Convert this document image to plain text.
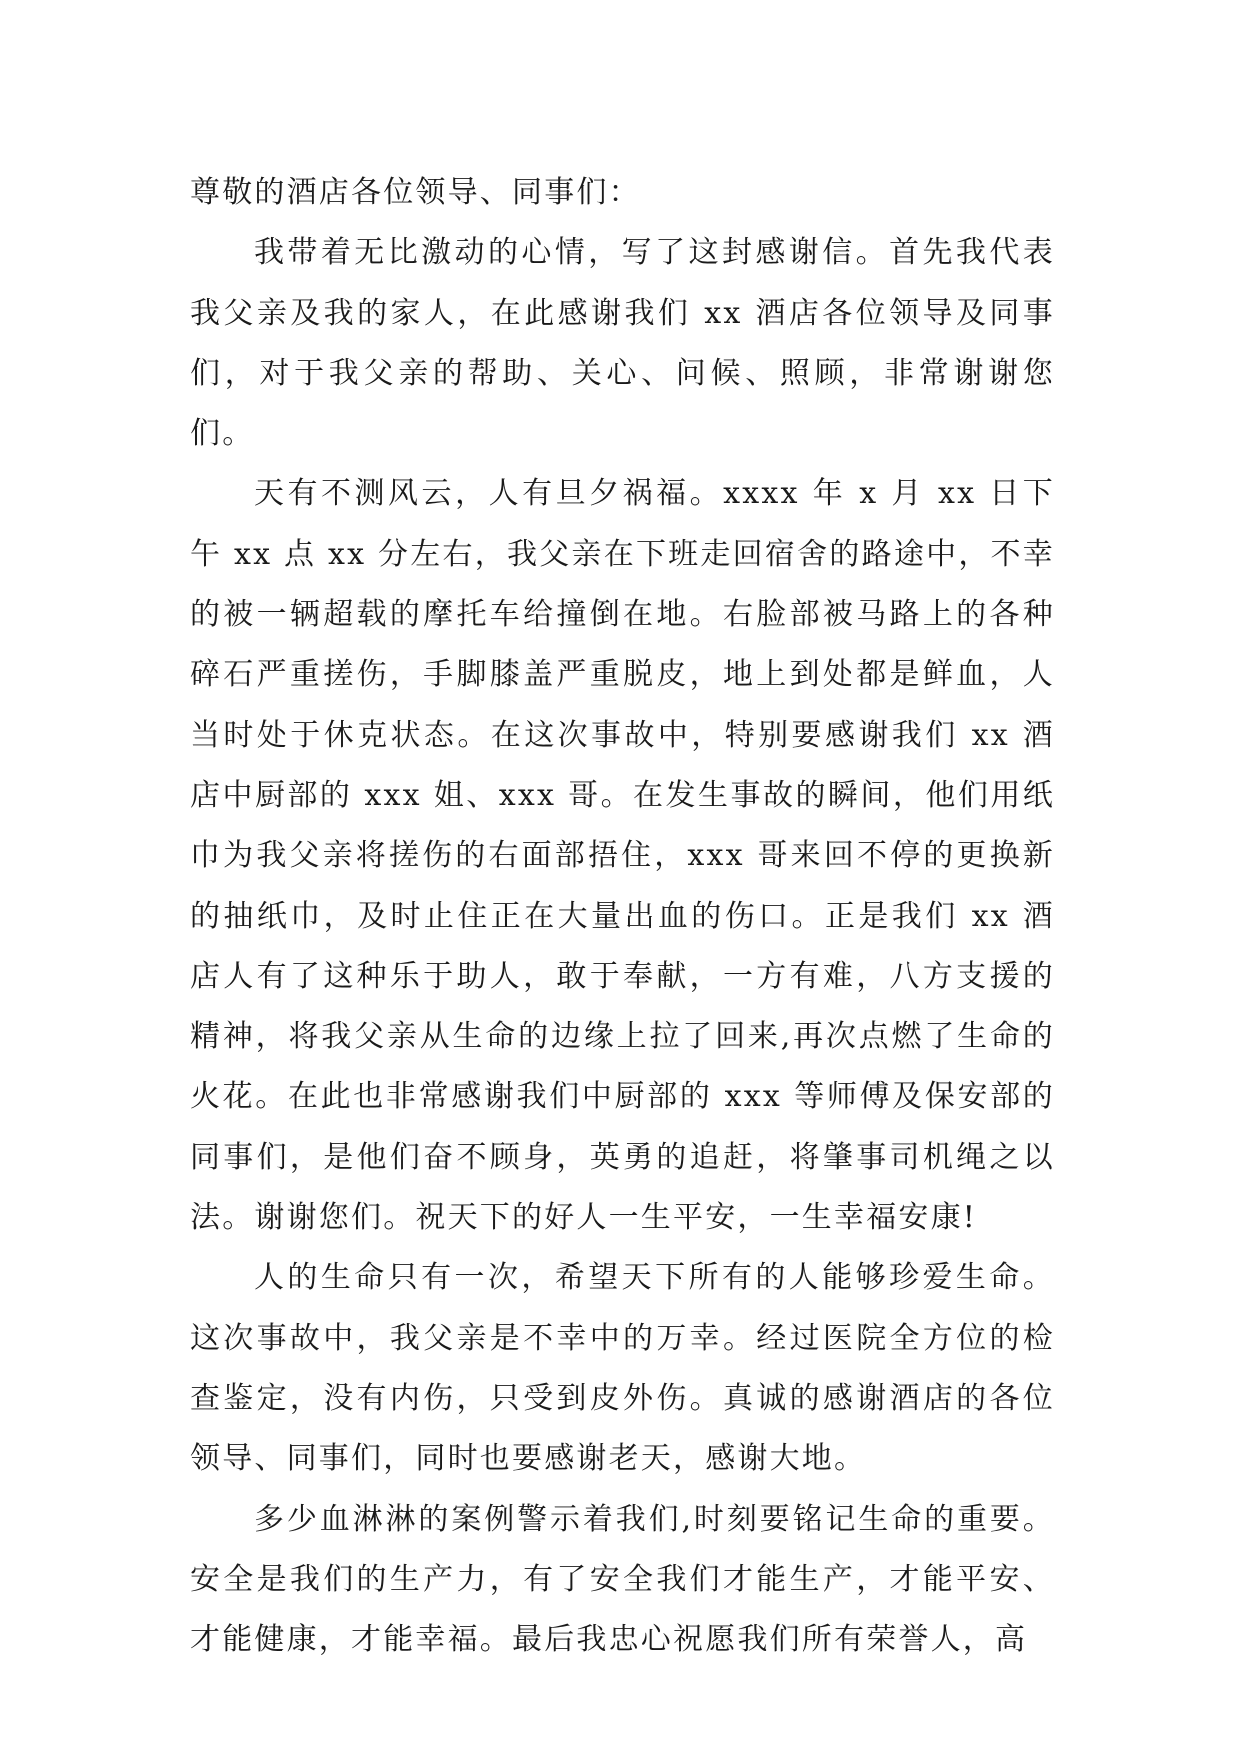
尊敬的酒店各位领导、同事们：

我带着无比激动的心情，写了这封感谢信。首先我代表我父亲及我的家人，在此感谢我们 xx 酒店各位领导及同事们，对于我父亲的帮助、关心、问候、照顾，非常谢谢您们。

天有不测风云，人有旦夕祸福。xxxx 年 x 月 xx 日下午 xx 点 xx 分左右，我父亲在下班走回宿舍的路途中，不幸的被一辆超载的摩托车给撞倒在地。右脸部被马路上的各种碎石严重搓伤，手脚膝盖严重脱皮，地上到处都是鲜血，人当时处于休克状态。在这次事故中，特别要感谢我们 xx 酒店中厨部的 xxx 姐、xxx 哥。在发生事故的瞬间，他们用纸巾为我父亲将搓伤的右面部捂住，xxx 哥来回不停的更换新的抽纸巾，及时止住正在大量出血的伤口。正是我们 xx 酒店人有了这种乐于助人，敢于奉献，一方有难，八方支援的精神，将我父亲从生命的边缘上拉了回来,再次点燃了生命的火花。在此也非常感谢我们中厨部的 xxx 等师傅及保安部的同事们，是他们奋不顾身，英勇的追赶，将肇事司机绳之以法。谢谢您们。祝天下的好人一生平安，一生幸福安康!

人的生命只有一次，希望天下所有的人能够珍爱生命。这次事故中，我父亲是不幸中的万幸。经过医院全方位的检查鉴定，没有内伤，只受到皮外伤。真诚的感谢酒店的各位领导、同事们，同时也要感谢老天，感谢大地。

多少血淋淋的案例警示着我们,时刻要铭记生命的重要。安全是我们的生产力，有了安全我们才能生产，才能平安、才能健康，才能幸福。最后我忠心祝愿我们所有荣誉人，高
